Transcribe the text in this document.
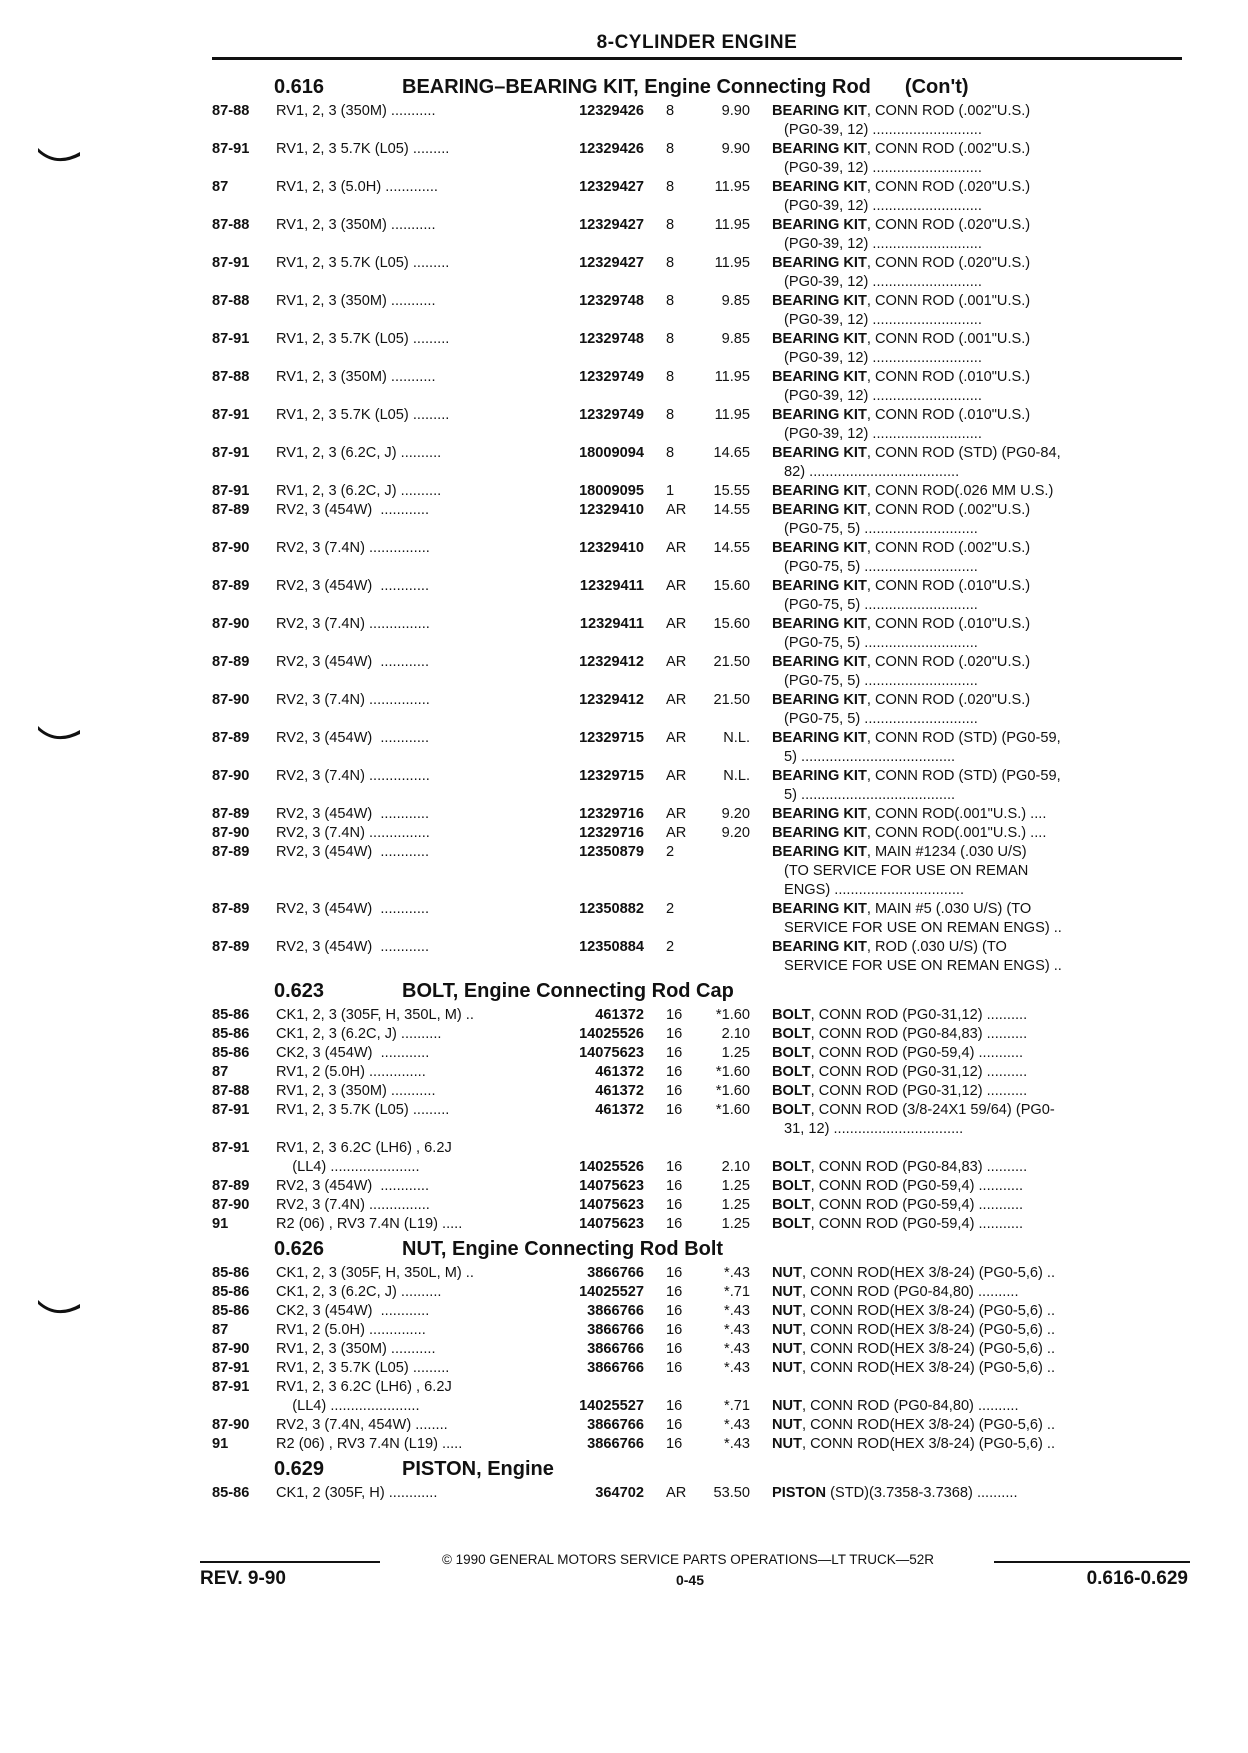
8-CYLINDER ENGINE
0.616	BEARING–BEARING KIT, Engine Connecting Rod (Con't)
87-88	RV1, 2, 3 (350M) ...........	12329426	8	9.90	BEARING KIT, CONN ROD (.002"U.S.)
(PG0-39, 12) ...........................
87-91	RV1, 2, 3 5.7K (L05) .........	12329426	8	9.90	BEARING KIT, CONN ROD (.002"U.S.)
(PG0-39, 12) ...........................
87	RV1, 2, 3 (5.0H) .............	12329427	8	11.95	BEARING KIT, CONN ROD (.020"U.S.)
(PG0-39, 12) ...........................
87-88	RV1, 2, 3 (350M) ...........	12329427	8	11.95	BEARING KIT, CONN ROD (.020"U.S.)
(PG0-39, 12) ...........................
87-91	RV1, 2, 3 5.7K (L05) .........	12329427	8	11.95	BEARING KIT, CONN ROD (.020"U.S.)
(PG0-39, 12) ...........................
87-88	RV1, 2, 3 (350M) ...........	12329748	8	9.85	BEARING KIT, CONN ROD (.001"U.S.)
(PG0-39, 12) ...........................
87-91	RV1, 2, 3 5.7K (L05) .........	12329748	8	9.85	BEARING KIT, CONN ROD (.001"U.S.)
(PG0-39, 12) ...........................
87-88	RV1, 2, 3 (350M) ...........	12329749	8	11.95	BEARING KIT, CONN ROD (.010"U.S.)
(PG0-39, 12) ...........................
87-91	RV1, 2, 3 5.7K (L05) .........	12329749	8	11.95	BEARING KIT, CONN ROD (.010"U.S.)
(PG0-39, 12) ...........................
87-91	RV1, 2, 3 (6.2C, J) ..........	18009094	8	14.65	BEARING KIT, CONN ROD (STD) (PG0-84,
82) .....................................
87-91	RV1, 2, 3 (6.2C, J) ..........	18009095	1	15.55	BEARING KIT, CONN ROD(.026 MM U.S.)
87-89	RV2, 3 (454W)  ............	12329410	AR	14.55	BEARING KIT, CONN ROD (.002"U.S.)
(PG0-75, 5) ............................
87-90	RV2, 3 (7.4N) ...............	12329410	AR	14.55	BEARING KIT, CONN ROD (.002"U.S.)
(PG0-75, 5) ............................
87-89	RV2, 3 (454W)  ............	12329411	AR	15.60	BEARING KIT, CONN ROD (.010"U.S.)
(PG0-75, 5) ............................
87-90	RV2, 3 (7.4N) ...............	12329411	AR	15.60	BEARING KIT, CONN ROD (.010"U.S.)
(PG0-75, 5) ............................
87-89	RV2, 3 (454W)  ............	12329412	AR	21.50	BEARING KIT, CONN ROD (.020"U.S.)
(PG0-75, 5) ............................
87-90	RV2, 3 (7.4N) ...............	12329412	AR	21.50	BEARING KIT, CONN ROD (.020"U.S.)
(PG0-75, 5) ............................
87-89	RV2, 3 (454W)  ............	12329715	AR	N.L.	BEARING KIT, CONN ROD (STD) (PG0-59,
5) ......................................
87-90	RV2, 3 (7.4N) ...............	12329715	AR	N.L.	BEARING KIT, CONN ROD (STD) (PG0-59,
5) ......................................
87-89	RV2, 3 (454W)  ............	12329716	AR	9.20	BEARING KIT, CONN ROD(.001"U.S.) ....
87-90	RV2, 3 (7.4N) ...............	12329716	AR	9.20	BEARING KIT, CONN ROD(.001"U.S.) ....
87-89	RV2, 3 (454W)  ............	12350879	2	BEARING KIT, MAIN #1234 (.030 U/S)
(TO SERVICE FOR USE ON REMAN
ENGS) ................................
87-89	RV2, 3 (454W)  ............	12350882	2	BEARING KIT, MAIN #5 (.030 U/S) (TO
SERVICE FOR USE ON REMAN ENGS) ..
87-89	RV2, 3 (454W)  ............	12350884	2	BEARING KIT, ROD (.030 U/S) (TO
SERVICE FOR USE ON REMAN ENGS) ..
0.623	BOLT, Engine Connecting Rod Cap
85-86	CK1, 2, 3 (305F, H, 350L, M) ..	461372	16	*1.60	BOLT, CONN ROD (PG0-31,12) ..........
85-86	CK1, 2, 3 (6.2C, J) ..........	14025526	16	2.10	BOLT, CONN ROD (PG0-84,83) ..........
85-86	CK2, 3 (454W)  ............	14075623	16	1.25	BOLT, CONN ROD (PG0-59,4) ...........
87	RV1, 2 (5.0H) ..............	461372	16	*1.60	BOLT, CONN ROD (PG0-31,12) ..........
87-88	RV1, 2, 3 (350M) ...........	461372	16	*1.60	BOLT, CONN ROD (PG0-31,12) ..........
87-91	RV1, 2, 3 5.7K (L05) .........	461372	16	*1.60	BOLT, CONN ROD (3/8-24X1 59/64) (PG0-
31, 12) ................................
87-91	RV1, 2, 3 6.2C (LH6) , 6.2J
(LL4) ......................	14025526	16	2.10	BOLT, CONN ROD (PG0-84,83) ..........
87-89	RV2, 3 (454W)  ............	14075623	16	1.25	BOLT, CONN ROD (PG0-59,4) ...........
87-90	RV2, 3 (7.4N) ...............	14075623	16	1.25	BOLT, CONN ROD (PG0-59,4) ...........
91	R2 (06) , RV3 7.4N (L19) .....	14075623	16	1.25	BOLT, CONN ROD (PG0-59,4) ...........
0.626	NUT, Engine Connecting Rod Bolt
85-86	CK1, 2, 3 (305F, H, 350L, M) ..	3866766	16	*.43	NUT, CONN ROD(HEX 3/8-24) (PG0-5,6) ..
85-86	CK1, 2, 3 (6.2C, J) ..........	14025527	16	*.71	NUT, CONN ROD (PG0-84,80) ..........
85-86	CK2, 3 (454W)  ............	3866766	16	*.43	NUT, CONN ROD(HEX 3/8-24) (PG0-5,6) ..
87	RV1, 2 (5.0H) ..............	3866766	16	*.43	NUT, CONN ROD(HEX 3/8-24) (PG0-5,6) ..
87-90	RV1, 2, 3 (350M) ...........	3866766	16	*.43	NUT, CONN ROD(HEX 3/8-24) (PG0-5,6) ..
87-91	RV1, 2, 3 5.7K (L05) .........	3866766	16	*.43	NUT, CONN ROD(HEX 3/8-24) (PG0-5,6) ..
87-91	RV1, 2, 3 6.2C (LH6) , 6.2J
(LL4) ......................	14025527	16	*.71	NUT, CONN ROD (PG0-84,80) ..........
87-90	RV2, 3 (7.4N, 454W) ........	3866766	16	*.43	NUT, CONN ROD(HEX 3/8-24) (PG0-5,6) ..
91	R2 (06) , RV3 7.4N (L19) .....	3866766	16	*.43	NUT, CONN ROD(HEX 3/8-24) (PG0-5,6) ..
0.629	PISTON, Engine
85-86	CK1, 2 (305F, H) ............	364702	AR	53.50	PISTON (STD)(3.7358-3.7368) ..........
© 1990 GENERAL MOTORS SERVICE PARTS OPERATIONS—LT TRUCK—52R
REV. 9-90	0-45	0.616-0.629
